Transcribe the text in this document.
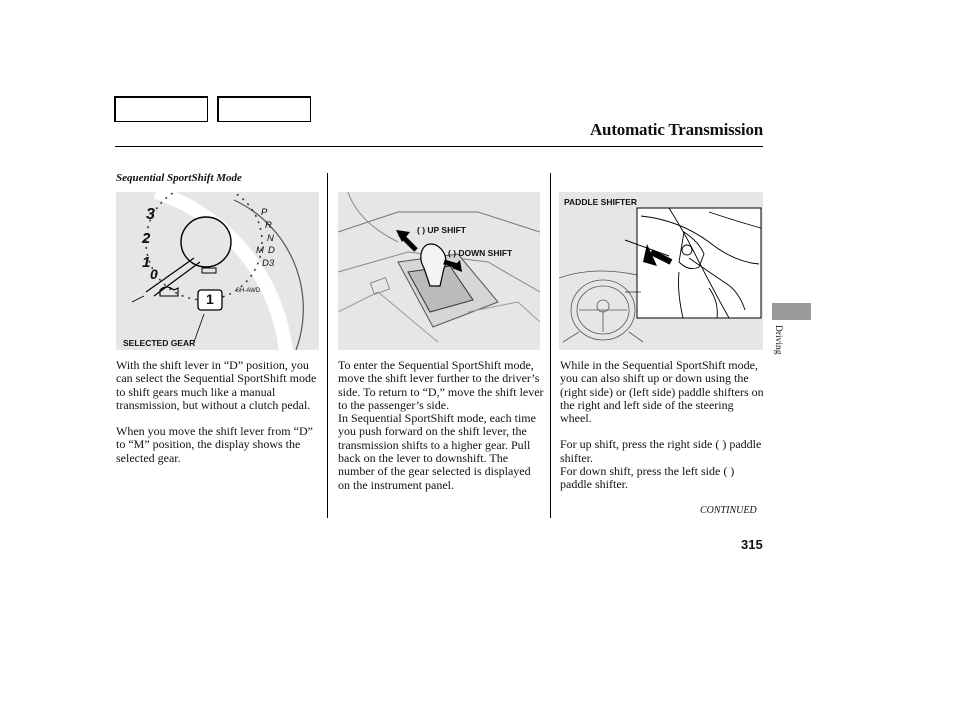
Automatic Transmission
Sequential SportShift Mode
3
2
1
0
P
R
N
M D
D3
1	SH-AWD
SELECTED GEAR
( ) UP SHIFT
( ) DOWN SHIFT
PADDLE SHIFTER

With the shift lever in “D” position, you can select the Sequential SportShift mode to shift gears much like a manual transmission, but without a clutch pedal.

When you move the shift lever from “D” to “M” position, the display shows the selected gear.

To enter the Sequential SportShift mode, move the shift lever further to the driver’s side. To return to “D,” move the shift lever to the passenger’s side.

In Sequential SportShift mode, each time you push forward on the shift lever, the transmission shifts to a higher gear. Pull back on the lever to downshift. The number of the gear selected is displayed on the instrument panel.

While in the Sequential SportShift mode, you can also shift up or down using the (right side) or (left side) paddle shifters on the right and left side of the steering wheel.

For up shift, press the right side ( ) paddle shifter.

For down shift, press the left side ( ) paddle shifter.

CONTINUED
315
Driving
